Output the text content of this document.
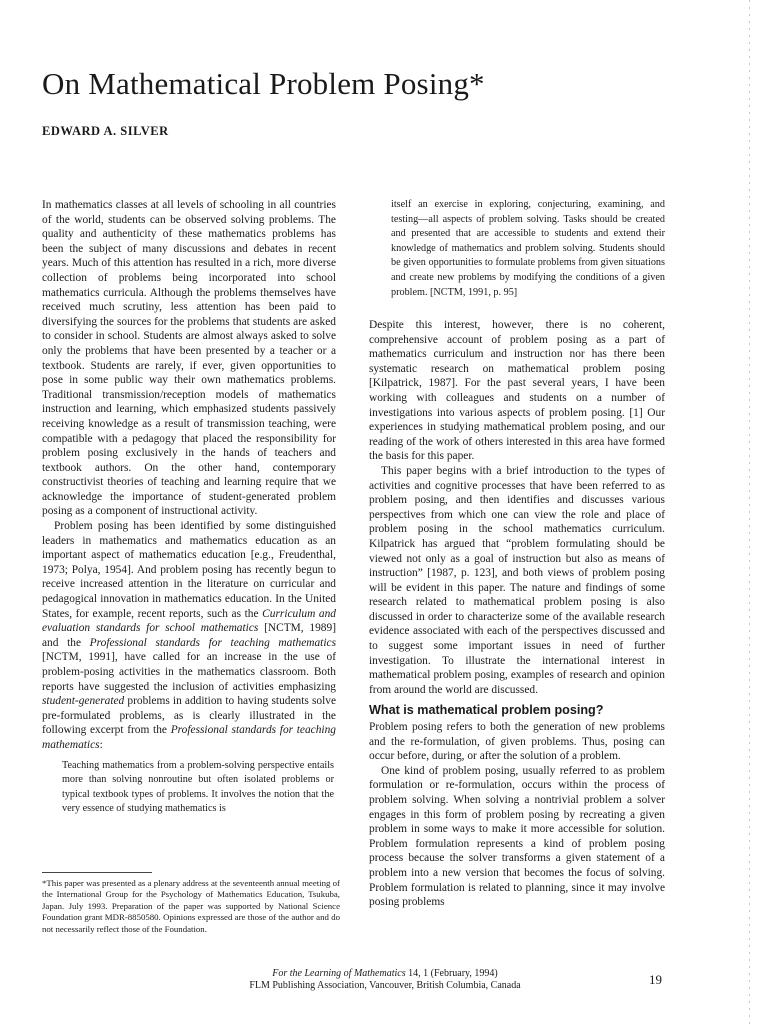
On Mathematical Problem Posing*
EDWARD A. SILVER

In mathematics classes at all levels of schooling in all countries of the world, students can be observed solving problems. The quality and authenticity of these mathematics problems has been the subject of many discussions and debates in recent years. Much of this attention has resulted in a rich, more diverse collection of problems being incorporated into school mathematics curricula. Although the problems themselves have received much scrutiny, less attention has been paid to diversifying the sources for the problems that students are asked to consider in school. Students are almost always asked to solve only the problems that have been presented by a teacher or a textbook. Students are rarely, if ever, given opportunities to pose in some public way their own mathematics problems. Traditional transmission/reception models of mathematics instruction and learning, which emphasized students passively receiving knowledge as a result of transmission teaching, were compatible with a pedagogy that placed the responsibility for problem posing exclusively in the hands of teachers and textbook authors. On the other hand, contemporary constructivist theories of teaching and learning require that we acknowledge the importance of student-generated problem posing as a component of instructional activity.

Problem posing has been identified by some distinguished leaders in mathematics and mathematics education as an important aspect of mathematics education [e.g., Freudenthal, 1973; Polya, 1954]. And problem posing has recently begun to receive increased attention in the literature on curricular and pedagogical innovation in mathematics education. In the United States, for example, recent reports, such as the Curriculum and evaluation standards for school mathematics [NCTM, 1989] and the Professional standards for teaching mathematics [NCTM, 1991], have called for an increase in the use of problem-posing activities in the mathematics classroom. Both reports have suggested the inclusion of activities emphasizing student-generated problems in addition to having students solve pre-formulated problems, as is clearly illustrated in the following excerpt from the Professional standards for teaching mathematics:

Teaching mathematics from a problem-solving perspective entails more than solving nonroutine but often isolated problems or typical textbook types of problems. It involves the notion that the very essence of studying mathematics is
itself an exercise in exploring, conjecturing, examining, and testing—all aspects of problem solving. Tasks should be created and presented that are accessible to students and extend their knowledge of mathematics and problem solving. Students should be given opportunities to formulate problems from given situations and create new problems by modifying the conditions of a given problem. [NCTM, 1991, p. 95]

Despite this interest, however, there is no coherent, comprehensive account of problem posing as a part of mathematics curriculum and instruction nor has there been systematic research on mathematical problem posing [Kilpatrick, 1987]. For the past several years, I have been working with colleagues and students on a number of investigations into various aspects of problem posing. [1] Our experiences in studying mathematical problem posing, and our reading of the work of others interested in this area have formed the basis for this paper.

This paper begins with a brief introduction to the types of activities and cognitive processes that have been referred to as problem posing, and then identifies and discusses various perspectives from which one can view the role and place of problem posing in the school mathematics curriculum. Kilpatrick has argued that “problem formulating should be viewed not only as a goal of instruction but also as means of instruction” [1987, p. 123], and both views of problem posing will be evident in this paper. The nature and findings of some research related to mathematical problem posing is also discussed in order to characterize some of the available research evidence associated with each of the perspectives discussed and to suggest some important issues in need of further investigation. To illustrate the international interest in mathematical problem posing, examples of research and opinion from around the world are discussed.

What is mathematical problem posing?

Problem posing refers to both the generation of new problems and the re-formulation, of given problems. Thus, posing can occur before, during, or after the solution of a problem.

One kind of problem posing, usually referred to as problem formulation or re-formulation, occurs within the process of problem solving. When solving a nontrivial problem a solver engages in this form of problem posing by recreating a given problem in some ways to make it more accessible for solution. Problem formulation represents a kind of problem posing process because the solver transforms a given statement of a problem into a new version that becomes the focus of solving. Problem formulation is related to planning, since it may involve posing problems

*This paper was presented as a plenary address at the seventeenth annual meeting of the International Group for the Psychology of Mathematics Education, Tsukuba, Japan. July 1993. Preparation of the paper was supported by National Science Foundation grant MDR-8850580. Opinions expressed are those of the author and do not necessarily reflect those of the Foundation.
For the Learning of Mathematics 14, 1 (February, 1994)
FLM Publishing Association, Vancouver, British Columbia, Canada	19
